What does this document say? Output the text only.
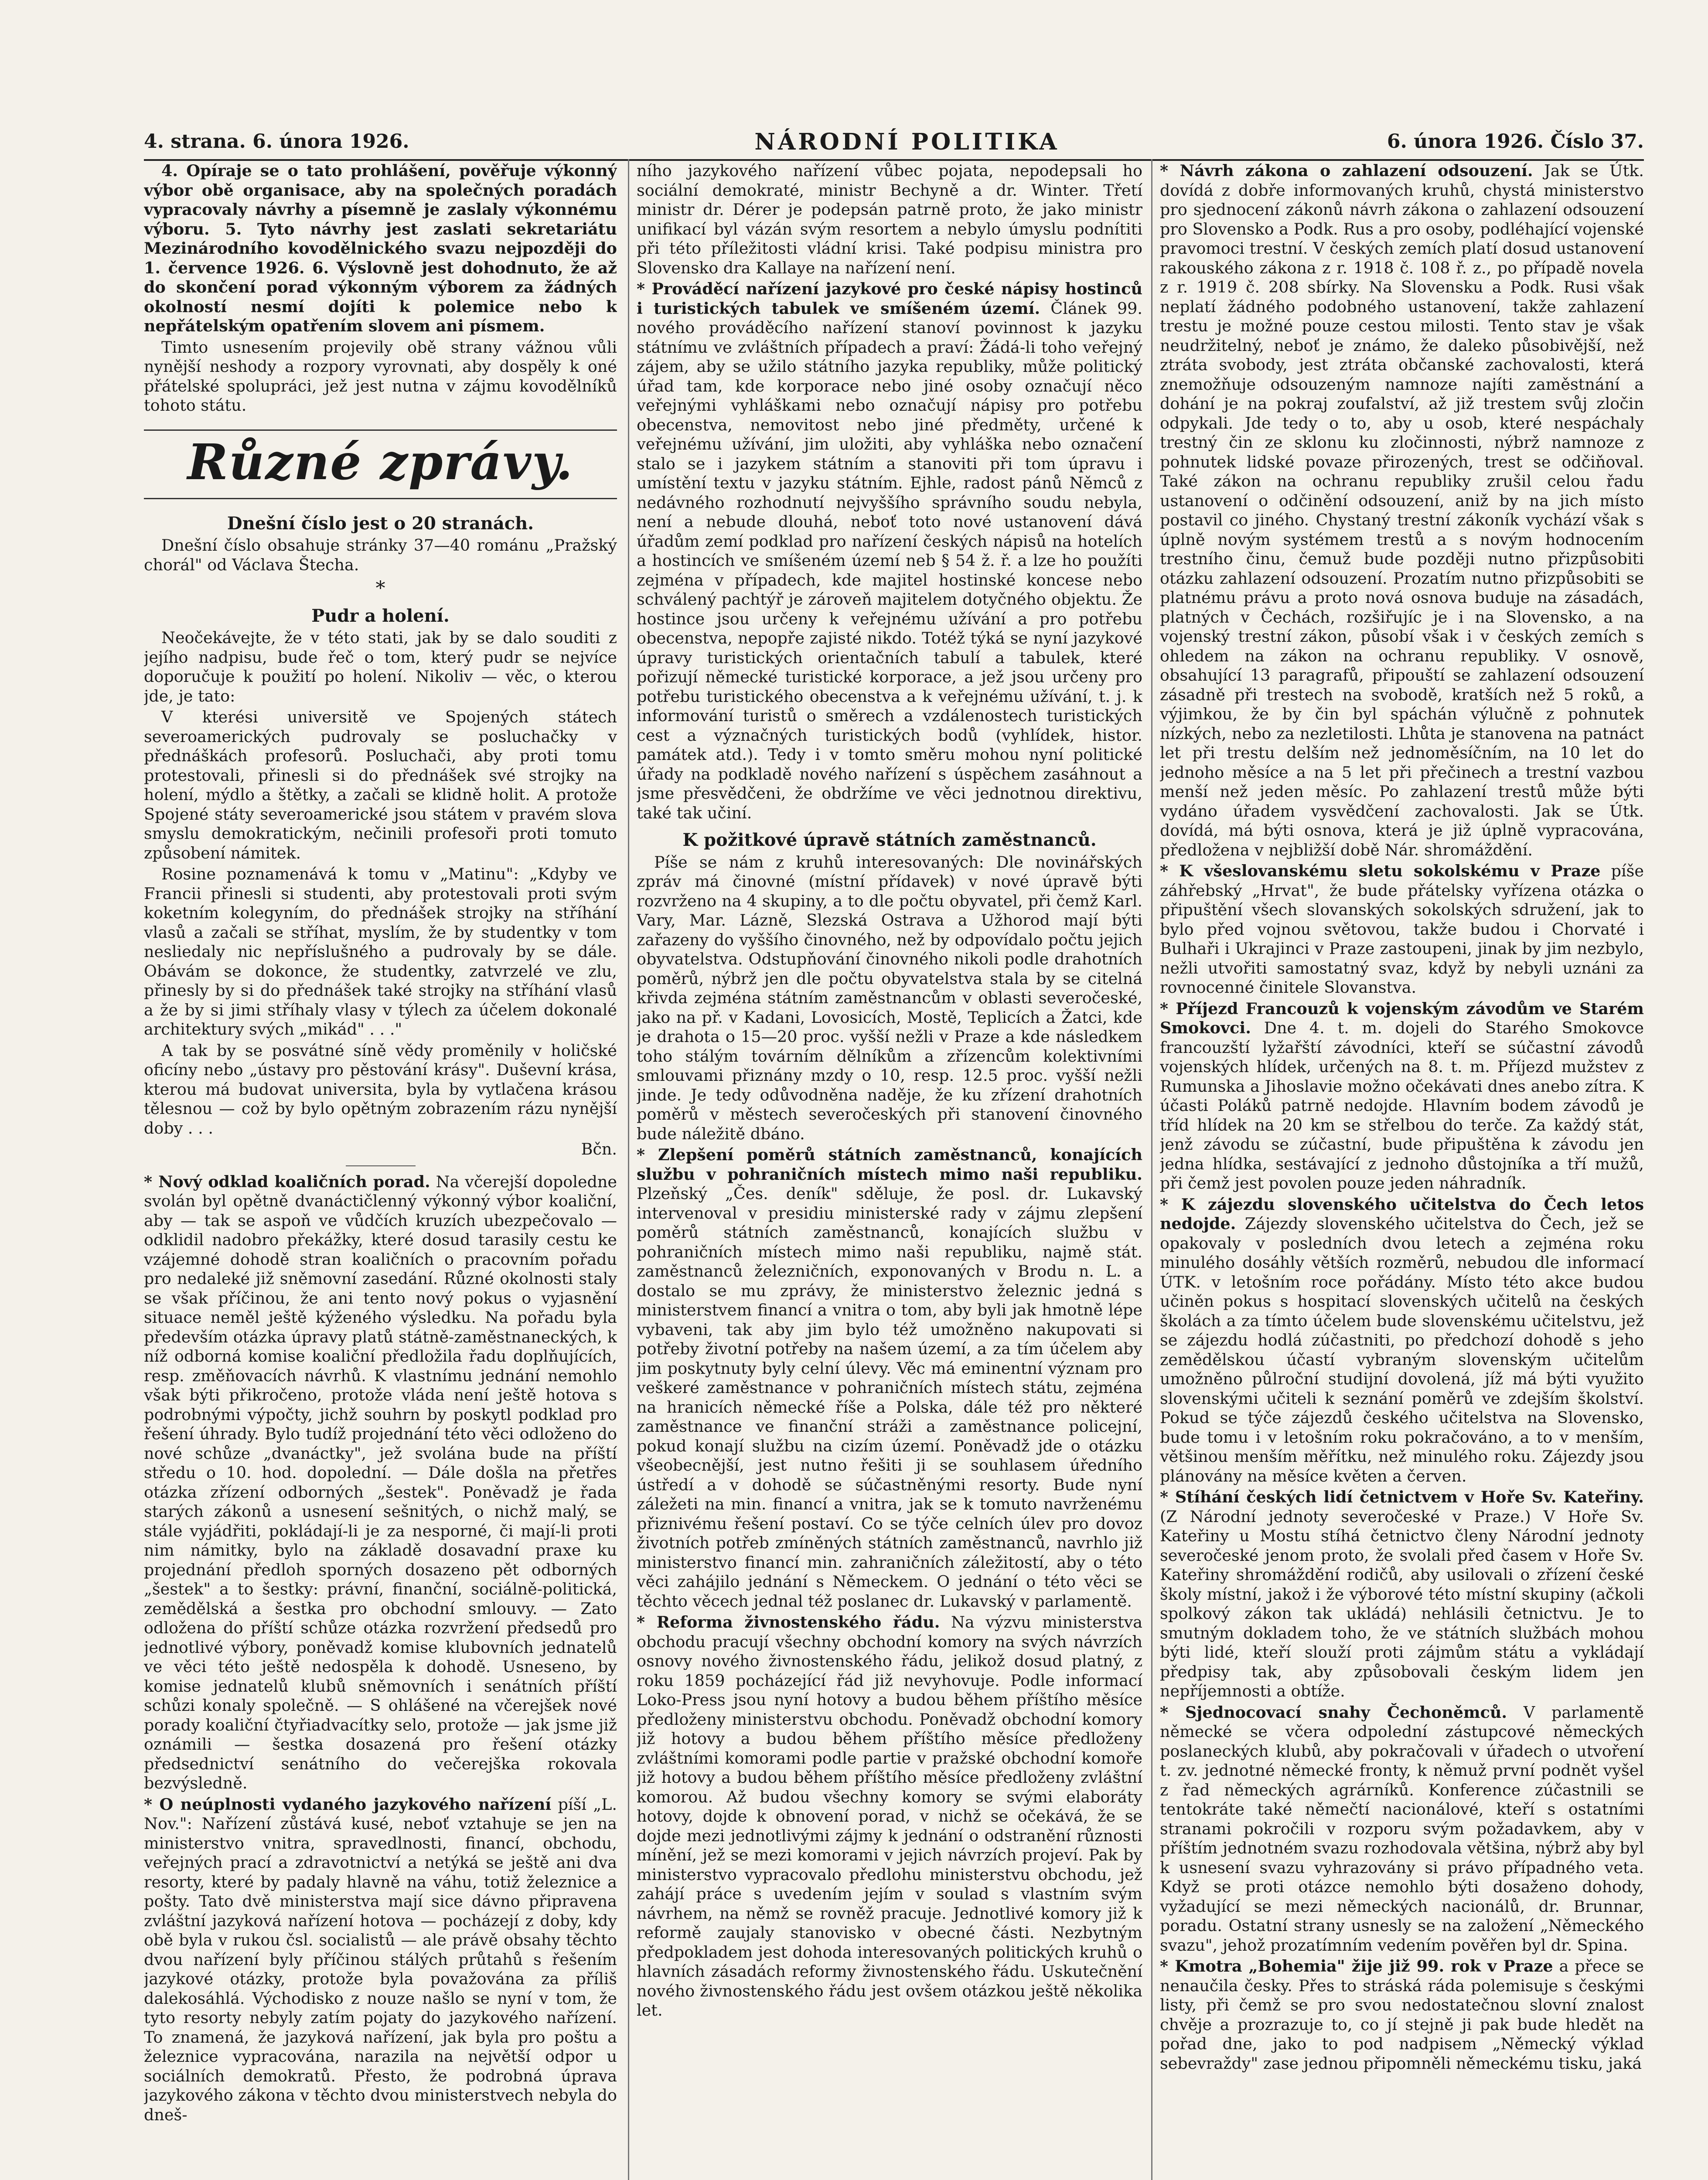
4. strana. 6. února 1926.	NÁRODNÍ POLITIKA	6. února 1926. Číslo 37.

4. Opíraje se o tato prohlášení, pověřuje výkonný výbor obě organisace, aby na společných poradách vypracovaly návrhy a písemně je zaslaly výkonnému výboru. 5. Tyto návrhy jest zaslati sekretariátu Mezinárodního kovodělnického svazu nejpozději do 1. července 1926. 6. Výslovně jest dohodnuto, že až do skončení porad výkonným výborem za žádných okolností nesmí dojíti k polemice nebo k nepřátelským opatřením slovem ani písmem.

Timto usnesením projevily obě strany vážnou vůli nynější neshody a rozpory vyrovnati, aby dospěly k oné přátelské spolupráci, jež jest nutna v zájmu kovodělníků tohoto státu.

Různé zprávy.
Dnešní číslo jest o 20 stranách.

Dnešní číslo obsahuje stránky 37—40 románu „Pražský chorál" od Václava Štecha.

*
Pudr a holení.

Neočekávejte, že v této stati, jak by se dalo souditi z jejího nadpisu, bude řeč o tom, který pudr se nejvíce doporučuje k použití po holení. Nikoliv — věc, o kterou jde, je tato:

V kterési universitě ve Spojených státech severoamerických pudrovaly se posluchačky v přednáškách profesorů. Posluchači, aby proti tomu protestovali, přinesli si do přednášek své strojky na holení, mýdlo a štětky, a začali se klidně holit. A protože Spojené státy severoamerické jsou státem v pravém slova smyslu demokratickým, nečinili profesoři proti tomuto způsobení námitek.

Rosine poznamenává k tomu v „Matinu": „Kdyby ve Francii přinesli si studenti, aby protestovali proti svým koketním kolegyním, do přednášek strojky na stříhání vlasů a začali se stříhat, myslím, že by studentky v tom nesliedaly nic nepříslušného a pudrovaly by se dále. Obávám se dokonce, že studentky, zatvrzelé ve zlu, přinesly by si do přednášek také strojky na stříhání vlasů a že by si jimi stříhaly vlasy v týlech za účelem dokonalé architektury svých „mikád" . . ."

A tak by se posvátné síně vědy proměnily v holičské oficíny nebo „ústavy pro pěstování krásy". Duševní krása, kterou má budovat universita, byla by vytlačena krásou tělesnou — což by bylo opětným zobrazením rázu nynější doby . . .

Bčn.

* Nový odklad koaličních porad. Na včerejší dopoledne svolán byl opětně dvanáctičlenný výkonný výbor koaliční, aby — tak se aspoň ve vůdčích kruzích ubezpečovalo — odklidil nadobro překážky, které dosud tarasily cestu ke vzájemné dohodě stran koaličních o pracovním pořadu pro nedaleké již sněmovní zasedání. Různé okolnosti staly se však příčinou, že ani tento nový pokus o vyjasnění situace neměl ještě kýženého výsledku. Na pořadu byla především otázka úpravy platů státně-zaměstnaneckých, k níž odborná komise koaliční předložila řadu doplňujících, resp. změňovacích návrhů. K vlastnímu jednání nemohlo však býti přikročeno, protože vláda není ještě hotova s podrobnými výpočty, jichž souhrn by poskytl podklad pro řešení úhrady. Bylo tudíž projednání této věci odloženo do nové schůze „dvanáctky", jež svolána bude na příští středu o 10. hod. dopolední. — Dále došla na přetřes otázka zřízení odborných „šestek". Poněvadž je řada starých zákonů a usnesení sešnitých, o nichž malý, se stále vyjádřiti, pokládají-li je za nesporné, či mají-li proti nim námitky, bylo na základě dosavadní praxe ku projednání předloh sporných dosazeno pět odborných „šestek" a to šestky: právní, finanční, sociálně-politická, zemědělská a šestka pro obchodní smlouvy. — Zato odložena do příští schůze otázka rozvržení předsedů pro jednotlivé výbory, poněvadž komise klubovních jednatelů ve věci této ještě nedospěla k dohodě. Usneseno, by komise jednatelů klubů sněmovních i senátních příští schůzi konaly společně. — S ohlášené na včerejšek nové porady koaliční čtyřiadvacítky selo, protože — jak jsme již oznámili — šestka dosazená pro řešení otázky předsednictví senátního do večerejška rokovala bezvýsledně.

* O neúplnosti vydaného jazykového nařízení píší „L. Nov.": Nařízení zůstává kusé, neboť vztahuje se jen na ministerstvo vnitra, spravedlnosti, financí, obchodu, veřejných prací a zdravotnictví a netýká se ještě ani dva resorty, které by padaly hlavně na váhu, totiž železnice a pošty. Tato dvě ministerstva mají sice dávno připravena zvláštní jazyková nařízení hotova — pocházejí z doby, kdy obě byla v rukou čsl. socialistů — ale právě obsahy těchto dvou nařízení byly příčinou stálých průtahů s řešením jazykové otázky, protože byla považována za příliš dalekosáhlá. Východisko z nouze našlo se nyní v tom, že tyto resorty nebyly zatím pojaty do jazykového nařízení. To znamená, že jazyková nařízení, jak byla pro poštu a železnice vypracována, narazila na největší odpor u sociálních demokratů. Přesto, že podrobná úprava jazykového zákona v těchto dvou ministerstvech nebyla do dneš-

ního jazykového nařízení vůbec pojata, nepodepsali ho sociální demokraté, ministr Bechyně a dr. Winter. Třetí ministr dr. Dérer je podepsán patrně proto, že jako ministr unifikací byl vázán svým resortem a nebylo úmyslu podnítiti při této příležitosti vládní krisi. Také podpisu ministra pro Slovensko dra Kallaye na nařízení není.

* Prováděcí nařízení jazykové pro české nápisy hostinců i turistických tabulek ve smíšeném území. Článek 99. nového prováděcího nařízení stanoví povinnost k jazyku státnímu ve zvláštních případech a praví: Žádá-li toho veřejný zájem, aby se užilo státního jazyka republiky, může politický úřad tam, kde korporace nebo jiné osoby označují něco veřejnými vyhláškami nebo označují nápisy pro potřebu obecenstva, nemovitost nebo jiné předměty, určené k veřejnému užívání, jim uložiti, aby vyhláška nebo označení stalo se i jazykem státním a stanoviti při tom úpravu i umístění textu v jazyku státním. Ejhle, radost pánů Němců z nedávného rozhodnutí nejvyššího správního soudu nebyla, není a nebude dlouhá, neboť toto nové ustanovení dává úřadům zemí podklad pro nařízení českých nápisů na hotelích a hostincích ve smíšeném území neb § 54 ž. ř. a lze ho použíti zejména v případech, kde majitel hostinské koncese nebo schválený pachtýř je zároveň majitelem dotyčného objektu. Že hostince jsou určeny k veřejnému užívání a pro potřebu obecenstva, nepopře zajisté nikdo. Totéž týká se nyní jazykové úpravy turistických orientačních tabulí a tabulek, které pořizují německé turistické korporace, a jež jsou určeny pro potřebu turistického obecenstva a k veřejnému užívání, t. j. k informování turistů o směrech a vzdálenostech turistických cest a význačných turistických bodů (vyhlídek, histor. památek atd.). Tedy i v tomto směru mohou nyní politické úřady na podkladě nového nařízení s úspěchem zasáhnout a jsme přesvědčeni, že obdržíme ve věci jednotnou direktivu, také tak učiní.

K požitkové úpravě státních zaměstnanců.

Píše se nám z kruhů interesovaných: Dle novinářských zpráv má činovné (místní přídavek) v nové úpravě býti rozvrženo na 4 skupiny, a to dle počtu obyvatel, při čemž Karl. Vary, Mar. Lázně, Slezská Ostrava a Užhorod mají býti zařazeny do vyššího činovného, než by odpovídalo počtu jejich obyvatelstva. Odstupňování činovného nikoli podle drahotních poměrů, nýbrž jen dle počtu obyvatelstva stala by se citelná křivda zejména státním zaměstnancům v oblasti severočeské, jako na př. v Kadani, Lovosicích, Mostě, Teplicích a Žatci, kde je drahota o 15—20 proc. vyšší nežli v Praze a kde následkem toho stálým továrním dělníkům a zřízencům kolektivními smlouvami přiznány mzdy o 10, resp. 12.5 proc. vyšší nežli jinde. Je tedy odůvodněna naděje, že ku zřízení drahotních poměrů v městech severočeských při stanovení činovného bude náležitě dbáno.

* Zlepšení poměrů státních zaměstnanců, konajících službu v pohraničních místech mimo naši republiku. Plzeňský „Čes. deník" sděluje, že posl. dr. Lukavský intervenoval v presidiu ministerské rady v zájmu zlepšení poměrů státních zaměstnanců, konajících službu v pohraničních místech mimo naši republiku, najmě stát. zaměstnanců železničních, exponovaných v Brodu n. L. a dostalo se mu zprávy, že ministerstvo železnic jedná s ministerstvem financí a vnitra o tom, aby byli jak hmotně lépe vybaveni, tak aby jim bylo též umožněno nakupovati si potřeby životní potřeby na našem území, a za tím účelem aby jim poskytnuty byly celní úlevy. Věc má eminentní význam pro veškeré zaměstnance v pohraničních místech státu, zejména na hranicích německé říše a Polska, dále též pro některé zaměstnance ve finanční stráži a zaměstnance policejní, pokud konají službu na cizím území. Poněvadž jde o otázku všeobecnější, jest nutno řešiti ji se souhlasem úředního ústředí a v dohodě se súčastněnými resorty. Bude nyní záležeti na min. financí a vnitra, jak se k tomuto navrženému přiznivému řešení postaví. Co se týče celních úlev pro dovoz životních potřeb zmíněných státních zaměstnanců, navrhlo již ministerstvo financí min. zahraničních záležitostí, aby o této věci zahájilo jednání s Německem. O jednání o této věci se těchto věcech jednal též poslanec dr. Lukavský v parlamentě.

* Reforma živnostenského řádu. Na výzvu ministerstva obchodu pracují všechny obchodní komory na svých návrzích osnovy nového živnostenského řádu, jelikož dosud platný, z roku 1859 pocházející řád již nevyhovuje. Podle informací Loko-Press jsou nyní hotovy a budou během příštího měsíce předloženy ministerstvu obchodu. Poněvadž obchodní komory již hotovy a budou během příštího měsíce předloženy zvláštními komorami podle partie v pražské obchodní komoře již hotovy a budou během příštího měsíce předloženy zvláštní komorou. Až budou všechny komory se svými elaboráty hotovy, dojde k obnovení porad, v nichž se očekává, že se dojde mezi jednotlivými zájmy k jednání o odstranění různosti mínění, jež se mezi komorami v jejich návrzích projeví. Pak by ministerstvo vypracovalo předlohu ministerstvu obchodu, jež zahájí práce s uvedením jejím v soulad s vlastním svým návrhem, na němž se rovněž pracuje. Jednotlivé komory již k reformě zaujaly stanovisko v obecné části. Nezbytným předpokladem jest dohoda interesovaných politických kruhů o hlavních zásadách reformy živnostenského řádu. Uskutečnění nového živnostenského řádu jest ovšem otázkou ještě několika let.

* Návrh zákona o zahlazení odsouzení. Jak se Útk. dovídá z dobře informovaných kruhů, chystá ministerstvo pro sjednocení zákonů návrh zákona o zahlazení odsouzení pro Slovensko a Podk. Rus a pro osoby, podléhající vojenské pravomoci trestní. V českých zemích platí dosud ustanovení rakouského zákona z r. 1918 č. 108 ř. z., po případě novela z r. 1919 č. 208 sbírky. Na Slovensku a Podk. Rusi však neplatí žádného podobného ustanovení, takže zahlazení trestu je možné pouze cestou milosti. Tento stav je však neudržitelný, neboť je známo, že daleko působivější, než ztráta svobody, jest ztráta občanské zachovalosti, která znemožňuje odsouzeným namnoze najíti zaměstnání a dohání je na pokraj zoufalství, až již trestem svůj zločin odpykali. Jde tedy o to, aby u osob, které nespáchaly trestný čin ze sklonu ku zločinnosti, nýbrž namnoze z pohnutek lidské povaze přirozených, trest se odčiňoval. Také zákon na ochranu republiky zrušil celou řadu ustanovení o odčinění odsouzení, aniž by na jich místo postavil co jiného. Chystaný trestní zákoník vychází však s úplně novým systémem trestů a s novým hodnocením trestního činu, čemuž bude později nutno přizpůsobiti otázku zahlazení odsouzení. Prozatím nutno přizpůsobiti se platnému právu a proto nová osnova buduje na zásadách, platných v Čechách, rozšiřujíc je i na Slovensko, a na vojenský trestní zákon, působí však i v českých zemích s ohledem na zákon na ochranu republiky. V osnově, obsahující 13 paragrafů, připouští se zahlazení odsouzení zásadně při trestech na svobodě, kratších než 5 roků, a výjimkou, že by čin byl spáchán výlučně z pohnutek nízkých, nebo za nezletilosti. Lhůta je stanovena na patnáct let při trestu delším než jednoměsíčním, na 10 let do jednoho měsíce a na 5 let při přečinech a trestní vazbou menší než jeden měsíc. Po zahlazení trestů může býti vydáno úřadem vysvědčení zachovalosti. Jak se Útk. dovídá, má býti osnova, která je již úplně vypracována, předložena v nejbližší době Nár. shromáždění.

* K všeslovanskému sletu sokolskému v Praze píše záhřebský „Hrvat", že bude přátelsky vyřízena otázka o připuštění všech slovanských sokolských sdružení, jak to bylo před vojnou světovou, takže budou i Chorvaté i Bulhaři i Ukrajinci v Praze zastoupeni, jinak by jim nezbylo, nežli utvořiti samostatný svaz, když by nebyli uznáni za rovnocenné činitele Slovanstva.

* Příjezd Francouzů k vojenským závodům ve Starém Smokovci. Dne 4. t. m. dojeli do Starého Smokovce francouzští lyžařští závodníci, kteří se súčastní závodů vojenských hlídek, určených na 8. t. m. Příjezd mužstev z Rumunska a Jihoslavie možno očekávati dnes anebo zítra. K účasti Poláků patrně nedojde. Hlavním bodem závodů je tříd hlídek na 20 km se střelbou do terče. Za každý stát, jenž závodu se zúčastní, bude připuštěna k závodu jen jedna hlídka, sestávající z jednoho důstojníka a tří mužů, při čemž jest povolen pouze jeden náhradník.

* K zájezdu slovenského učitelstva do Čech letos nedojde. Zájezdy slovenského učitelstva do Čech, jež se opakovaly v posledních dvou letech a zejména roku minulého dosáhly větších rozměrů, nebudou dle informací ÚTK. v letošním roce pořádány. Místo této akce budou učiněn pokus s hospitací slovenských učitelů na českých školách a za tímto účelem bude slovenskému učitelstvu, jež se zájezdu hodlá zúčastniti, po předchozí dohodě s jeho zemědělskou účastí vybraným slovenským učitelům umožněno půlroční studijní dovolená, jíž má býti využito slovenskými učiteli k seznání poměrů ve zdejším školství. Pokud se týče zájezdů českého učitelstva na Slovensko, bude tomu i v letošním roku pokračováno, a to v menším, většinou menším měřítku, než minulého roku. Zájezdy jsou plánovány na měsíce květen a červen.

* Stíhání českých lidí četnictvem v Hoře Sv. Kateřiny. (Z Národní jednoty severočeské v Praze.) V Hoře Sv. Kateřiny u Mostu stíhá četnictvo členy Národní jednoty severočeské jenom proto, že svolali před časem v Hoře Sv. Kateřiny shromáždění rodičů, aby usilovali o zřízení české školy místní, jakož i že výborové této místní skupiny (ačkoli spolkový zákon tak ukládá) nehlásili četnictvu. Je to smutným dokladem toho, že ve státních službách mohou býti lidé, kteří slouží proti zájmům státu a vykládají předpisy tak, aby způsobovali českým lidem jen nepříjemnosti a obtíže.

* Sjednocovací snahy Čechoněmců. V parlamentě německé se včera odpolední zástupcové německých poslaneckých klubů, aby pokračovali v úřadech o utvoření t. zv. jednotné německé fronty, k němuž první podnět vyšel z řad německých agrárníků. Konference zúčastnili se tentokráte také němečtí nacionálové, kteří s ostatními stranami pokročili v rozporu svým požadavkem, aby v příštím jednotném svazu rozhodovala většina, nýbrž aby byl k usnesení svazu vyhrazovány si právo případného veta. Když se proti otázce nemohlo býti dosaženo dohody, vyžadující se mezi německých nacionálů, dr. Brunnar, poradu. Ostatní strany usnesly se na založení „Německého svazu", jehož prozatímním vedením pověřen byl dr. Spina.

* Kmotra „Bohemia" žije již 99. rok v Praze a přece se nenaučila česky. Přes to stráská ráda polemisuje s českými listy, při čemž se pro svou nedostatečnou slovní znalost chvěje a prozrazuje to, co jí stejně ji pak bude hledět na pořad dne, jako to pod nadpisem „Německý výklad sebevraždy" zase jednou připomněli německému tisku, jaká
